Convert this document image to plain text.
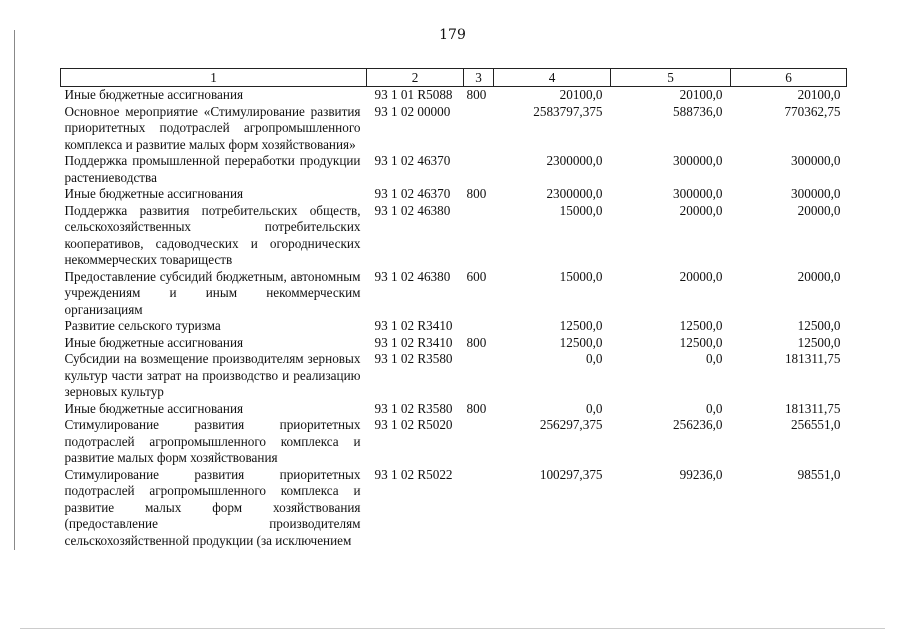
179
1	2	3	4	5	6
Иные бюджетные ассигнования	93 1 01 R5088	800	20100,0	20100,0	20100,0
Основное мероприятие «Стимулирование развития приоритетных подотраслей агропромышленного комплекса и развитие малых форм хозяйствования»	93 1 02 00000		2583797,375	588736,0	770362,75
Поддержка промышленной переработки продукции растениеводства	93 1 02 46370		2300000,0	300000,0	300000,0
Иные бюджетные ассигнования	93 1 02 46370	800	2300000,0	300000,0	300000,0
Поддержка развития потребительских обществ, сельскохозяйственных потребительских кооперативов, садоводческих и огороднических некоммерческих товариществ	93 1 02 46380		15000,0	20000,0	20000,0
Предоставление субсидий бюджетным, автономным учреждениям и иным некоммерческим организациям	93 1 02 46380	600	15000,0	20000,0	20000,0
Развитие сельского туризма	93 1 02 R3410		12500,0	12500,0	12500,0
Иные бюджетные ассигнования	93 1 02 R3410	800	12500,0	12500,0	12500,0
Субсидии на возмещение производителям зерновых культур части затрат на производство и реализацию зерновых культур	93 1 02 R3580		0,0	0,0	181311,75
Иные бюджетные ассигнования	93 1 02 R3580	800	0,0	0,0	181311,75
Стимулирование развития приоритетных подотраслей агропромышленного комплекса и развитие малых форм хозяйствования	93 1 02 R5020		256297,375	256236,0	256551,0
Стимулирование развития приоритетных подотраслей агропромышленного комплекса и развитие малых форм хозяйствования (предоставление производителям сельскохозяйственной продукции (за исключением	93 1 02 R5022		100297,375	99236,0	98551,0
